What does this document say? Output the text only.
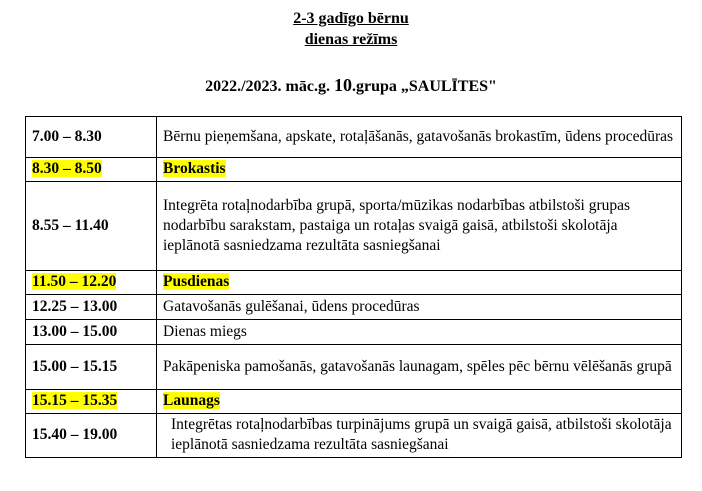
2-3 gadīgo bērnu
dienas režīms
2022./2023. māc.g. 10.grupa „SAULĪTES"
7.00 – 8.30	Bērnu pieņemšana, apskate, rotaļāšanās, gatavošanās brokastīm, ūdens procedūras
8.30 – 8.50	Brokastis
8.55 – 11.40	Integrēta rotaļnodarbība grupā, sporta/mūzikas nodarbības atbilstoši grupas nodarbību sarakstam, pastaiga un rotaļas svaigā gaisā, atbilstoši skolotāja ieplānotā sasniedzama rezultāta sasniegšanai
11.50 – 12.20	Pusdienas
12.25 – 13.00	Gatavošanās gulēšanai, ūdens procedūras
13.00 – 15.00	Dienas miegs
15.00 – 15.15	Pakāpeniska pamošanās, gatavošanās launagam, spēles pēc bērnu vēlēšanās grupā
15.15 – 15.35	Launags
15.40 – 19.00	Integrētas rotaļnodarbības turpinājums grupā un svaigā gaisā, atbilstoši skolotāja ieplānotā sasniedzama rezultāta sasniegšanai
